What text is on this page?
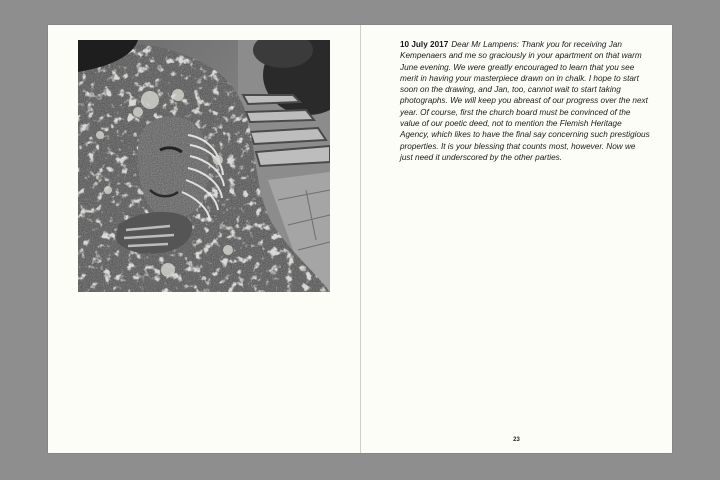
10 July 2017 Dear Mr Lampens: Thank you for receiving Jan Kempenaers and me so graciously in your apartment on that warm June evening. We were greatly encouraged to learn that you see merit in having your masterpiece drawn on in chalk. I hope to start soon on the drawing, and Jan, too, cannot wait to start taking photographs. We will keep you abreast of our progress over the next year. Of course, first the church board must be convinced of the value of our poetic deed, not to mention the Flemish Heritage Agency, which likes to have the final say concerning such prestigious properties. It is your blessing that counts most, however. Now we just need it underscored by the other parties.

23
